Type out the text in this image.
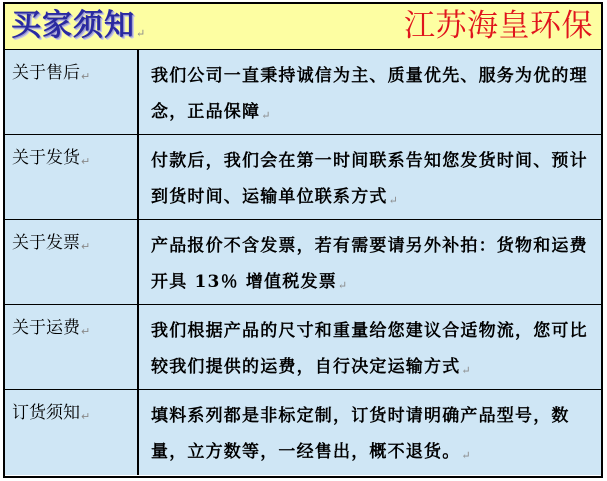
买家须知↵	江苏海皇环保
关于售后↵	我们公司一直秉持诚信为主、质量优先、服务为优的理念，正品保障↵
关于发货↵	付款后，我们会在第一时间联系告知您发货时间、预计到货时间、运输单位联系方式↵
关于发票↵	产品报价不含发票，若有需要请另外补拍：货物和运费开具 13％ 增值税发票↵
关于运费↵	我们根据产品的尺寸和重量给您建议合适物流，您可比较我们提供的运费，自行决定运输方式↵
订货须知↵	填料系列都是非标定制，订货时请明确产品型号，数量，立方数等，一经售出，概不退货。↵
